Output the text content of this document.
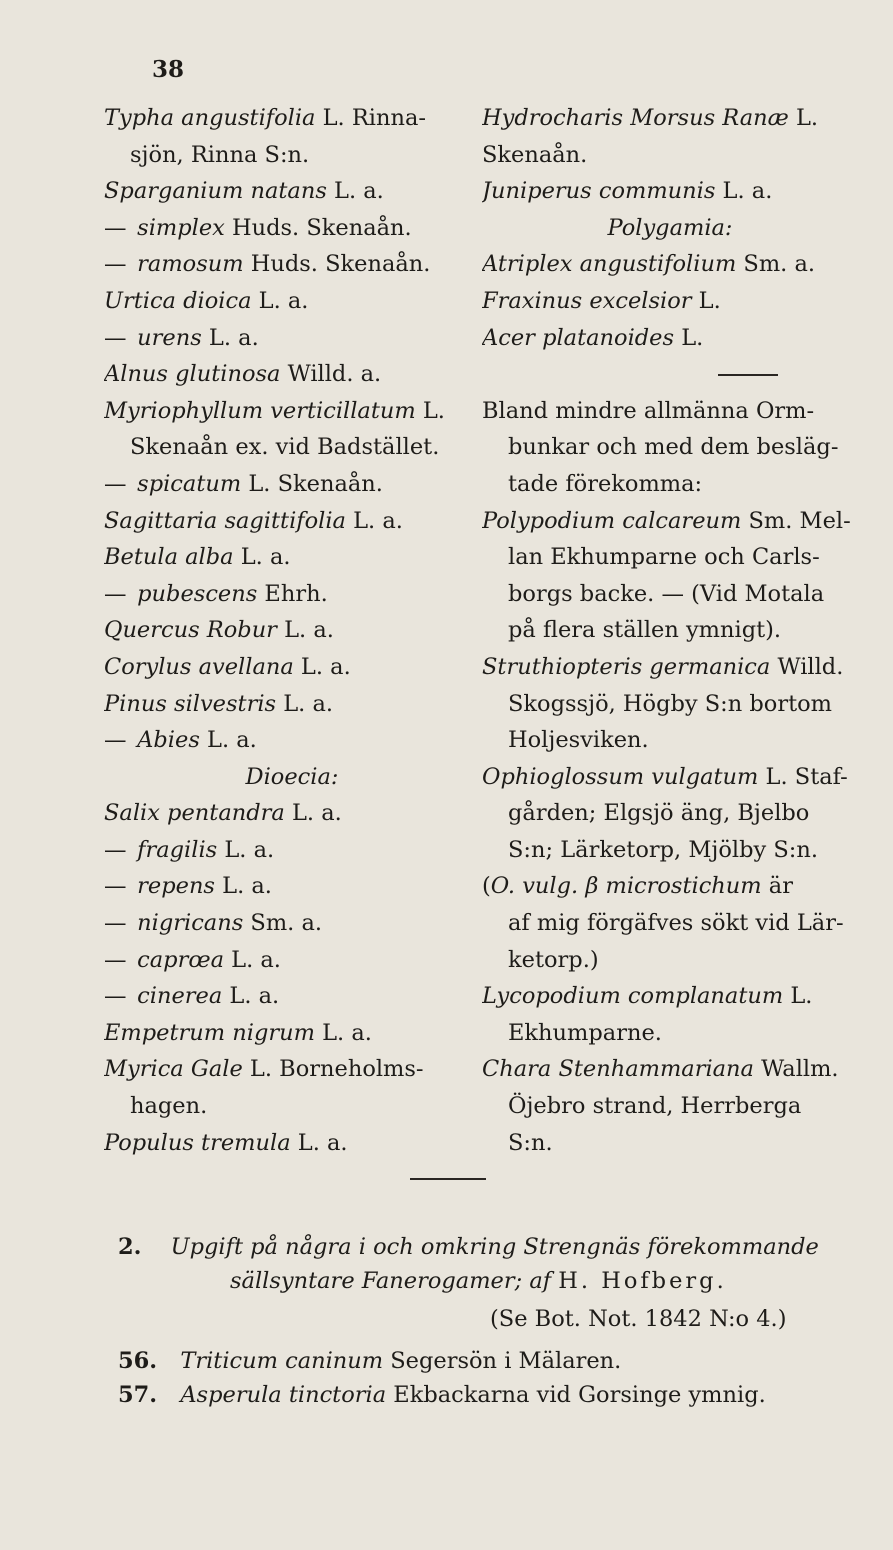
38

Typha angustifolia L. Rinna-

sjön, Rinna S:n.

Sparganium natans L. a.

— simplex Huds. Skenaån.

— ramosum Huds. Skenaån.

Urtica dioica L. a.

— urens L. a.

Alnus glutinosa Willd. a.

Myriophyllum verticillatum L.

Skenaån ex. vid Badstället.

— spicatum L. Skenaån.

Sagittaria sagittifolia L. a.

Betula alba L. a.

— pubescens Ehrh.

Quercus Robur L. a.

Corylus avellana L. a.

Pinus silvestris L. a.

— Abies L. a.

Dioecia:

Salix pentandra L. a.

— fragilis L. a.

— repens L. a.

— nigricans Sm. a.

— caprœa L. a.

— cinerea L. a.

Empetrum nigrum L. a.

Myrica Gale L. Borneholms-

hagen.

Populus tremula L. a.

Hydrocharis Morsus Ranæ L.

Skenaån.

Juniperus communis L. a.

Polygamia:

Atriplex angustifolium Sm. a.

Fraxinus excelsior L.

Acer platanoides L.

Bland mindre allmänna Orm-

bunkar och med dem besläg-

tade förekomma:

Polypodium calcareum Sm. Mel-

lan Ekhumparne och Carls-

borgs backe. — (Vid Motala

på flera ställen ymnigt).

Struthiopteris germanica Willd.

Skogssjö, Högby S:n bortom

Holjesviken.

Ophioglossum vulgatum L. Staf-

gården; Elgsjö äng, Bjelbo

S:n; Lärketorp, Mjölby S:n.

(O. vulg. β microstichum är

af mig förgäfves sökt vid Lär-

ketorp.)

Lycopodium complanatum L.

Ekhumparne.

Chara Stenhammariana Wallm.

Öjebro strand, Herrberga

S:n.

2. Upgift på några i och omkring Strengnäs förekommande
sällsyntare Fanerogamer; af H. Hofberg.
(Se Bot. Not. 1842 N:o 4.)
56. Triticum caninum Segersön i Mälaren.
57. Asperula tinctoria Ekbackarna vid Gorsinge ymnig.
